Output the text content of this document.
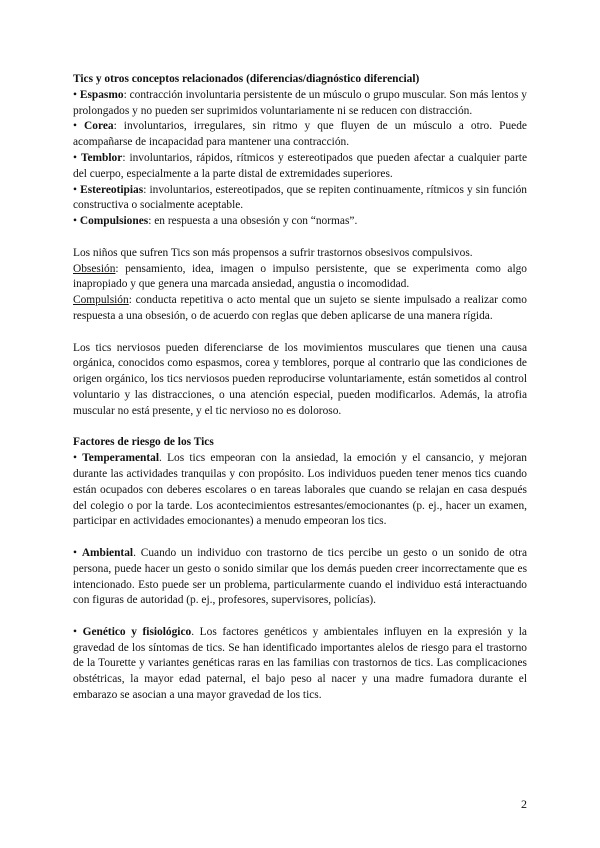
Tics y otros conceptos relacionados (diferencias/diagnóstico diferencial)

• Espasmo: contracción involuntaria persistente de un músculo o grupo muscular. Son más lentos y prolongados y no pueden ser suprimidos voluntariamente ni se reducen con distracción.

• Corea: involuntarios, irregulares, sin ritmo y que fluyen de un músculo a otro. Puede acompañarse de incapacidad para mantener una contracción.

• Temblor: involuntarios, rápidos, rítmicos y estereotipados que pueden afectar a cualquier parte del cuerpo, especialmente a la parte distal de extremidades superiores.

• Estereotipias: involuntarios, estereotipados, que se repiten continuamente, rítmicos y sin función constructiva o socialmente aceptable.

• Compulsiones: en respuesta a una obsesión y con “normas”.

Los niños que sufren Tics son más propensos a sufrir trastornos obsesivos compulsivos.

Obsesión: pensamiento, idea, imagen o impulso persistente, que se experimenta como algo inapropiado y que genera una marcada ansiedad, angustia o incomodidad.

Compulsión: conducta repetitiva o acto mental que un sujeto se siente impulsado a realizar como respuesta a una obsesión, o de acuerdo con reglas que deben aplicarse de una manera rígida.

Los tics nerviosos pueden diferenciarse de los movimientos musculares que tienen una causa orgánica, conocidos como espasmos, corea y temblores, porque al contrario que las condiciones de origen orgánico, los tics nerviosos pueden reproducirse voluntariamente, están sometidos al control voluntario y las distracciones, o una atención especial, pueden modificarlos. Además, la atrofia muscular no está presente, y el tic nervioso no es doloroso.

Factores de riesgo de los Tics

• Temperamental. Los tics empeoran con la ansiedad, la emoción y el cansancio, y mejoran durante las actividades tranquilas y con propósito. Los individuos pueden tener menos tics cuando están ocupados con deberes escolares o en tareas laborales que cuando se relajan en casa después del colegio o por la tarde. Los acontecimientos estresantes/emocionantes (p. ej., hacer un examen, participar en actividades emocionantes) a menudo empeoran los tics.

• Ambiental. Cuando un individuo con trastorno de tics percibe un gesto o un sonido de otra persona, puede hacer un gesto o sonido similar que los demás pueden creer incorrectamente que es intencionado. Esto puede ser un problema, particularmente cuando el individuo está interactuando con figuras de autoridad (p. ej., profesores, supervisores, policías).

• Genético y fisiológico. Los factores genéticos y ambientales influyen en la expresión y la gravedad de los síntomas de tics. Se han identificado importantes alelos de riesgo para el trastorno de la Tourette y variantes genéticas raras en las familias con trastornos de tics. Las complicaciones obstétricas, la mayor edad paternal, el bajo peso al nacer y una madre fumadora durante el embarazo se asocian a una mayor gravedad de los tics.

2
